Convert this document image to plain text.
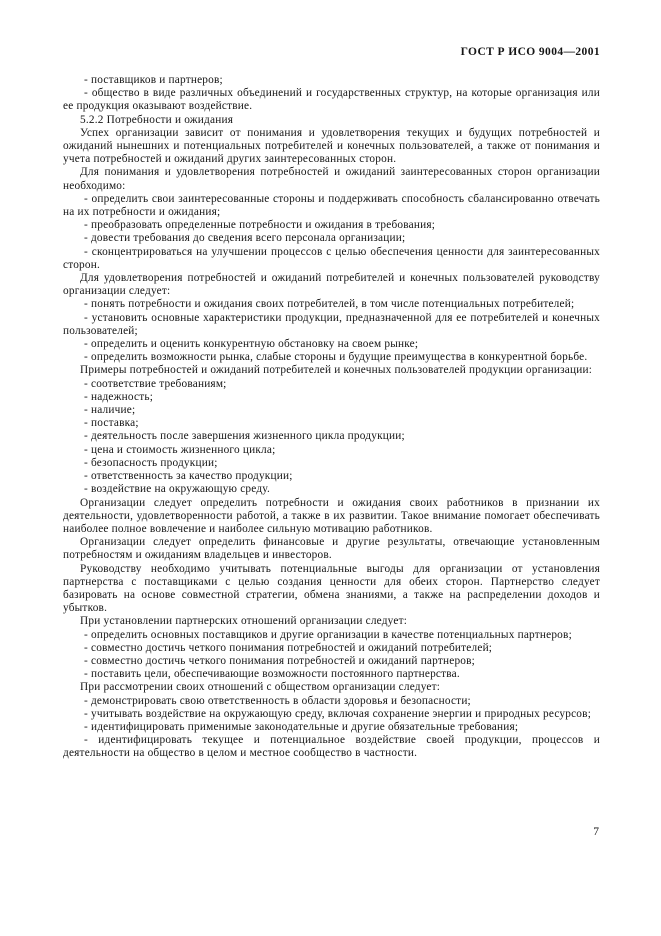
ГОСТ Р ИСО 9004—2001

- поставщиков и партнеров;

- общество в виде различных объединений и государственных структур, на которые организация или ее продукция оказывают воздействие.

5.2.2 Потребности и ожидания

Успех организации зависит от понимания и удовлетворения текущих и будущих потребностей и ожиданий нынешних и потенциальных потребителей и конечных пользователей, а также от понимания и учета потребностей и ожиданий других заинтересованных сторон.

Для понимания и удовлетворения потребностей и ожиданий заинтересованных сторон организации необходимо:

- определить свои заинтересованные стороны и поддерживать способность сбалансированно отвечать на их потребности и ожидания;

- преобразовать определенные потребности и ожидания в требования;

- довести требования до сведения всего персонала организации;

- сконцентрироваться на улучшении процессов с целью обеспечения ценности для заинтересованных сторон.

Для удовлетворения потребностей и ожиданий потребителей и конечных пользователей руководству организации следует:

- понять потребности и ожидания своих потребителей, в том числе потенциальных потребителей;

- установить основные характеристики продукции, предназначенной для ее потребителей и конечных пользователей;

- определить и оценить конкурентную обстановку на своем рынке;

- определить возможности рынка, слабые стороны и будущие преимущества в конкурентной борьбе.

Примеры потребностей и ожиданий потребителей и конечных пользователей продукции организации:

- соответствие требованиям;

- надежность;

- наличие;

- поставка;

- деятельность после завершения жизненного цикла продукции;

- цена и стоимость жизненного цикла;

- безопасность продукции;

- ответственность за качество продукции;

- воздействие на окружающую среду.

Организации следует определить потребности и ожидания своих работников в признании их деятельности, удовлетворенности работой, а также в их развитии. Такое внимание помогает обеспечивать наиболее полное вовлечение и наиболее сильную мотивацию работников.

Организации следует определить финансовые и другие результаты, отвечающие установленным потребностям и ожиданиям владельцев и инвесторов.

Руководству необходимо учитывать потенциальные выгоды для организации от установления партнерства с поставщиками с целью создания ценности для обеих сторон. Партнерство следует базировать на основе совместной стратегии, обмена знаниями, а также на распределении доходов и убытков.

При установлении партнерских отношений организации следует:

- определить основных поставщиков и другие организации в качестве потенциальных партнеров;

- совместно достичь четкого понимания потребностей и ожиданий потребителей;

- совместно достичь четкого понимания потребностей и ожиданий партнеров;

- поставить цели, обеспечивающие возможности постоянного партнерства.

При рассмотрении своих отношений с обществом организации следует:

- демонстрировать свою ответственность в области здоровья и безопасности;

- учитывать воздействие на окружающую среду, включая сохранение энергии и природных ресурсов;

- идентифицировать применимые законодательные и другие обязательные требования;

- идентифицировать текущее и потенциальное воздействие своей продукции, процессов и деятельности на общество в целом и местное сообщество в частности.

7
